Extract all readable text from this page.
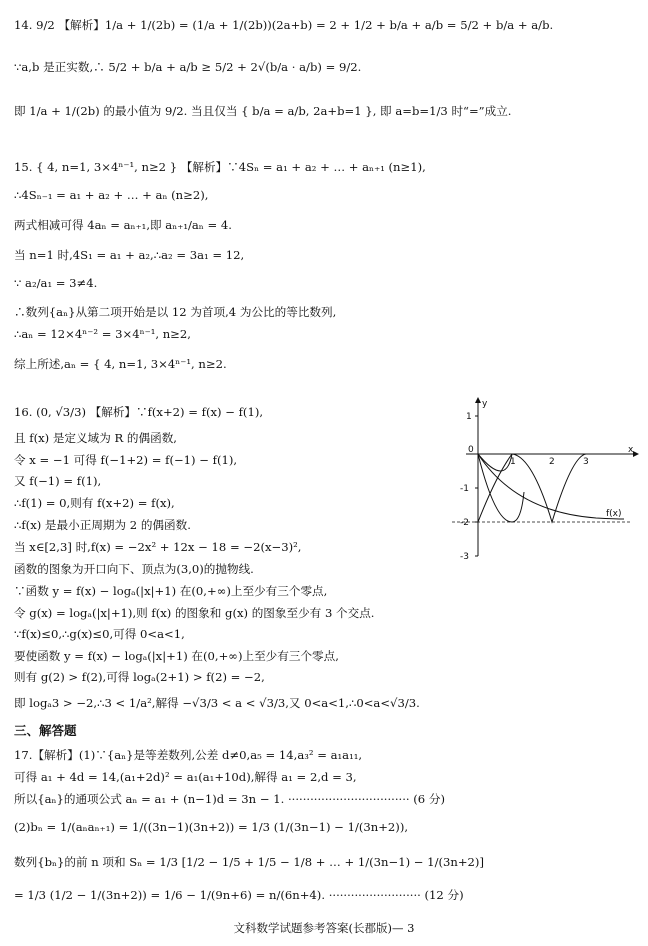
14. 9/2 【解析】1/a + 1/(2b) = (1/a + 1/(2b))(2a+b) = 2 + 1/2 + b/a + a/b = 5/2 + b/a + a/b.
∵a,b 是正实数,∴ 5/2 + b/a + a/b ≥ 5/2 + 2√(b/a · a/b) = 9/2.
即 1/a + 1/(2b) 的最小值为 9/2. 当且仅当 { b/a = a/b, 2a+b=1 }, 即 a=b=1/3 时“=”成立.
15. { 4, n=1, 3×4ⁿ⁻¹, n≥2 } 【解析】∵4Sₙ = a₁ + a₂ + … + aₙ₊₁ (n≥1),
∴4Sₙ₋₁ = a₁ + a₂ + … + aₙ (n≥2),
两式相减可得 4aₙ = aₙ₊₁,即 aₙ₊₁/aₙ = 4.
当 n=1 时,4S₁ = a₁ + a₂,∴a₂ = 3a₁ = 12,
∵ a₂/a₁ = 3≠4.
∴数列{aₙ}从第二项开始是以 12 为首项,4 为公比的等比数列,
∴aₙ = 12×4ⁿ⁻² = 3×4ⁿ⁻¹, n≥2,
综上所述,aₙ = { 4, n=1, 3×4ⁿ⁻¹, n≥2.
16. (0, √3/3) 【解析】∵f(x+2) = f(x) − f(1),
且 f(x) 是定义域为 R 的偶函数,
令 x = −1 可得 f(−1+2) = f(−1) − f(1),
又 f(−1) = f(1),
∴f(1) = 0,则有 f(x+2) = f(x),
∴f(x) 是最小正周期为 2 的偶函数.
当 x∈[2,3] 时,f(x) = −2x² + 12x − 18 = −2(x−3)²,
函数的图象为开口向下、顶点为(3,0)的抛物线.
∵函数 y = f(x) − logₐ(|x|+1) 在(0,+∞)上至少有三个零点,
令 g(x) = logₐ(|x|+1),则 f(x) 的图象和 g(x) 的图象至少有 3 个交点.
∵f(x)≤0,∴g(x)≤0,可得 0<a<1,
要使函数 y = f(x) − logₐ(|x|+1) 在(0,+∞)上至少有三个零点,
则有 g(2) > f(2),可得 logₐ(2+1) > f(2) = −2,
即 logₐ3 > −2,∴3 < 1/a²,解得 −√3/3 < a < √3/3,又 0<a<1,∴0<a<√3/3.
三、解答题
17.【解析】(1)∵{aₙ}是等差数列,公差 d≠0,a₅ = 14,a₃² = a₁a₁₁,
可得 a₁ + 4d = 14,(a₁+2d)² = a₁(a₁+10d),解得 a₁ = 2,d = 3,
所以{aₙ}的通项公式 aₙ = a₁ + (n−1)d = 3n − 1. ································· (6 分)
(2)bₙ = 1/(aₙaₙ₊₁) = 1/((3n−1)(3n+2)) = 1/3 (1/(3n−1) − 1/(3n+2)),
数列{bₙ}的前 n 项和 Sₙ = 1/3 [1/2 − 1/5 + 1/5 − 1/8 + … + 1/(3n−1) − 1/(3n+2)]
= 1/3 (1/2 − 1/(3n+2)) = 1/6 − 1/(9n+6) = n/(6n+4). ························· (12 分)
y
x
0
1
-1
-2
-3
1	2	3
f(x)
文科数学试题参考答案(长郡版)— 3
